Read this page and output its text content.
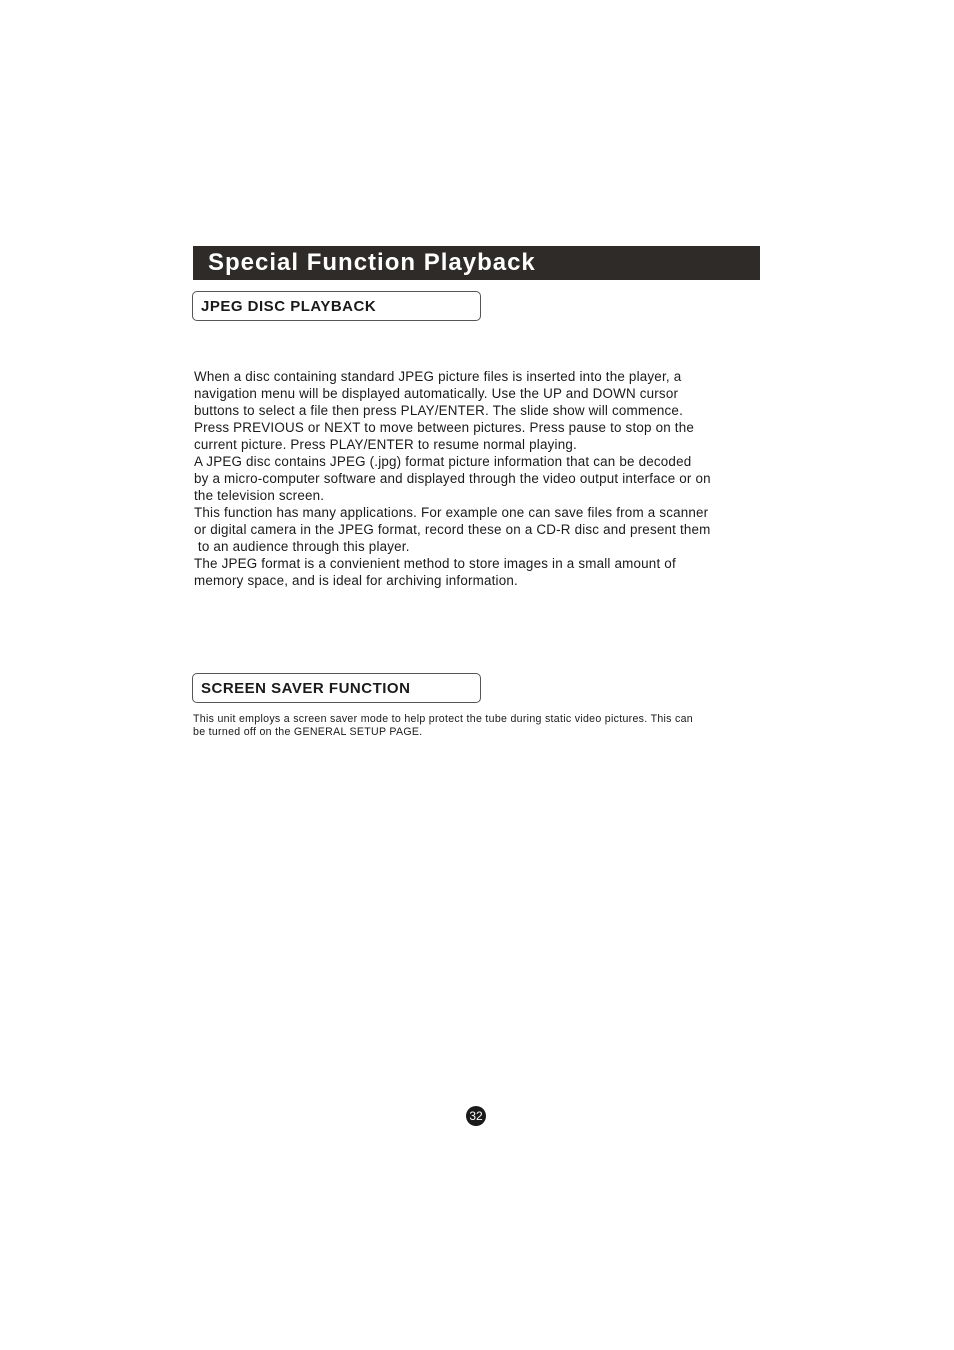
Special Function Playback
JPEG DISC PLAYBACK

When a disc containing standard JPEG picture files is inserted into the player, a

navigation menu will be displayed automatically. Use the UP and DOWN cursor

buttons to select a file then press PLAY/ENTER. The slide show will commence.

Press PREVIOUS or NEXT to move between pictures. Press pause to stop on the

current picture. Press PLAY/ENTER to resume normal playing.

A JPEG disc contains JPEG (.jpg) format picture information that can be decoded

by a micro-computer software and displayed through the video output interface or on

the television screen.

This function has many applications. For example one can save files from a scanner

or digital camera in the JPEG format, record these on a CD-R disc and present them

to an audience through this player.

The JPEG format is a convienient method to store images in a small amount of

memory space, and is ideal for archiving information.

SCREEN SAVER FUNCTION

This unit employs a screen saver mode to help protect the tube during static video pictures. This can

be turned off on the GENERAL SETUP PAGE.

32
